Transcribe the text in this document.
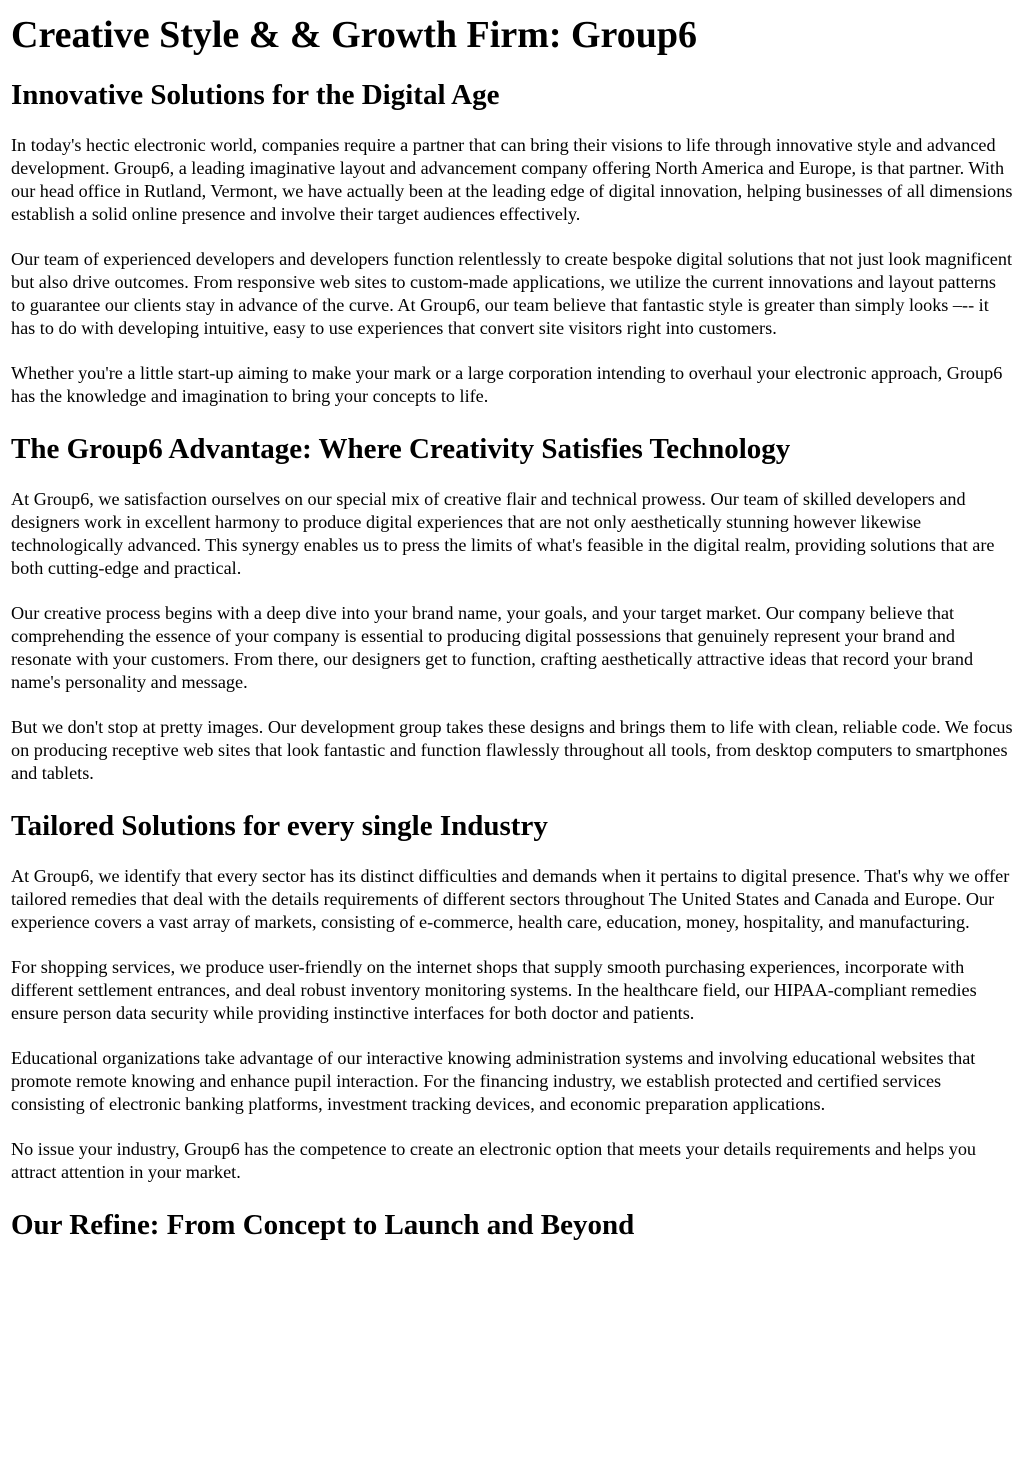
Creative Style & & Growth Firm: Group6
Innovative Solutions for the Digital Age

In today's hectic electronic world, companies require a partner that can bring their visions to life through innovative style and advanced development. Group6, a leading imaginative layout and advancement company offering North America and Europe, is that partner. With our head office in Rutland, Vermont, we have actually been at the leading edge of digital innovation, helping businesses of all dimensions establish a solid online presence and involve their target audiences effectively.

Our team of experienced developers and developers function relentlessly to create bespoke digital solutions that not just look magnificent but also drive outcomes. From responsive web sites to custom-made applications, we utilize the current innovations and layout patterns to guarantee our clients stay in advance of the curve. At Group6, our team believe that fantastic style is greater than simply looks –-- it has to do with developing intuitive, easy to use experiences that convert site visitors right into customers.

Whether you're a little start-up aiming to make your mark or a large corporation intending to overhaul your electronic approach, Group6 has the knowledge and imagination to bring your concepts to life.

The Group6 Advantage: Where Creativity Satisfies Technology

At Group6, we satisfaction ourselves on our special mix of creative flair and technical prowess. Our team of skilled developers and designers work in excellent harmony to produce digital experiences that are not only aesthetically stunning however likewise technologically advanced. This synergy enables us to press the limits of what's feasible in the digital realm, providing solutions that are both cutting-edge and practical.

Our creative process begins with a deep dive into your brand name, your goals, and your target market. Our company believe that comprehending the essence of your company is essential to producing digital possessions that genuinely represent your brand and resonate with your customers. From there, our designers get to function, crafting aesthetically attractive ideas that record your brand name's personality and message.

But we don't stop at pretty images. Our development group takes these designs and brings them to life with clean, reliable code. We focus on producing receptive web sites that look fantastic and function flawlessly throughout all tools, from desktop computers to smartphones and tablets.

Tailored Solutions for every single Industry

At Group6, we identify that every sector has its distinct difficulties and demands when it pertains to digital presence. That's why we offer tailored remedies that deal with the details requirements of different sectors throughout The United States and Canada and Europe. Our experience covers a vast array of markets, consisting of e-commerce, health care, education, money, hospitality, and manufacturing.

For shopping services, we produce user-friendly on the internet shops that supply smooth purchasing experiences, incorporate with different settlement entrances, and deal robust inventory monitoring systems. In the healthcare field, our HIPAA-compliant remedies ensure person data security while providing instinctive interfaces for both doctor and patients.

Educational organizations take advantage of our interactive knowing administration systems and involving educational websites that promote remote knowing and enhance pupil interaction. For the financing industry, we establish protected and certified services consisting of electronic banking platforms, investment tracking devices, and economic preparation applications.

No issue your industry, Group6 has the competence to create an electronic option that meets your details requirements and helps you attract attention in your market.

Our Refine: From Concept to Launch and Beyond
